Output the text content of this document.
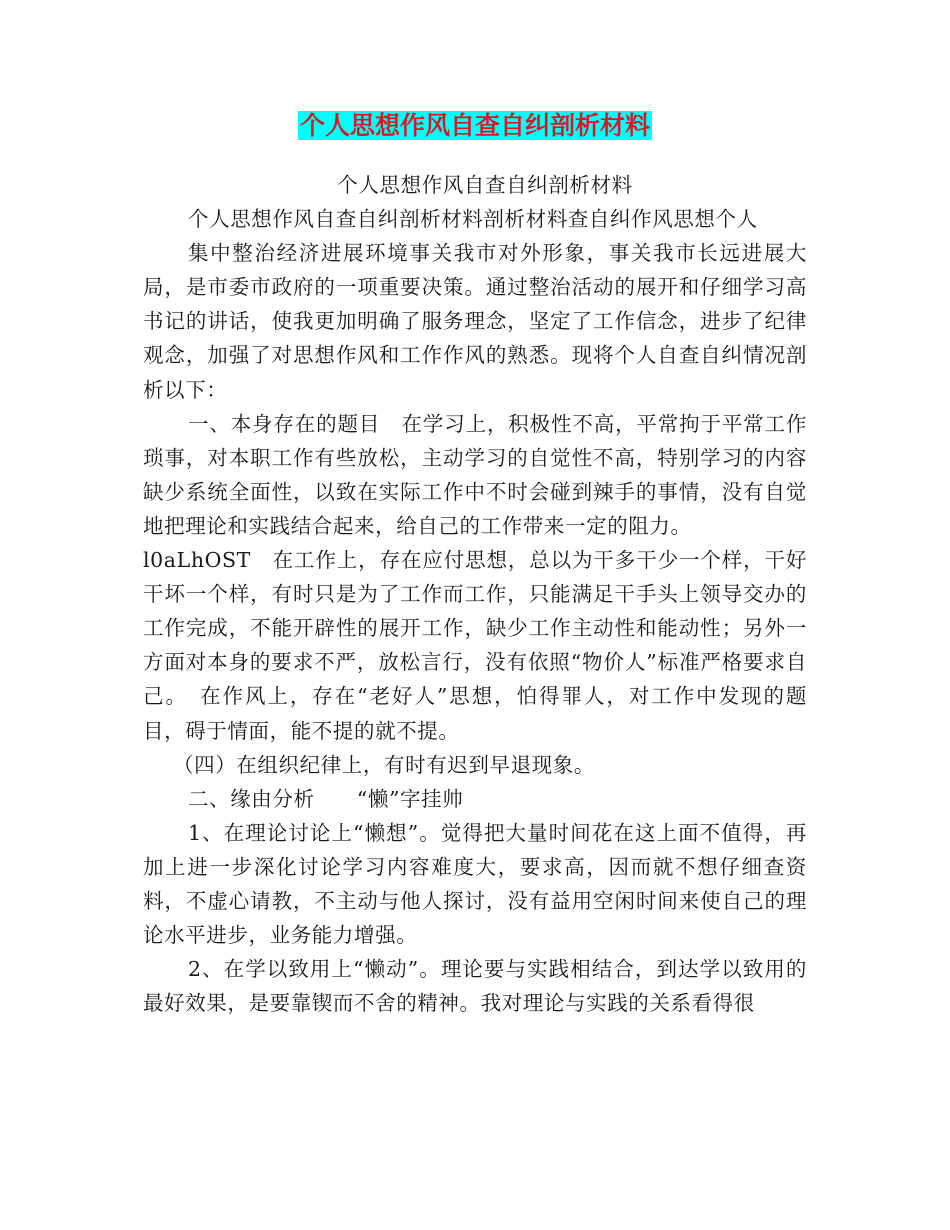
个人思想作风自查自纠剖析材料

个人思想作风自查自纠剖析材料

个人思想作风自查自纠剖析材料剖析材料查自纠作风思想个人

集中整治经济进展环境事关我市对外形象，事关我市长远进展大局，是市委市政府的一项重要决策。通过整治活动的展开和仔细学习高书记的讲话，使我更加明确了服务理念，坚定了工作信念，进步了纪律观念，加强了对思想作风和工作作风的熟悉。现将个人自查自纠情况剖析以下：

一、本身存在的题目　在学习上，积极性不高，平常拘于平常工作琐事，对本职工作有些放松，主动学习的自觉性不高，特别学习的内容缺少系统全面性，以致在实际工作中不时会碰到辣手的事情，没有自觉地把理论和实践结合起来，给自己的工作带来一定的阻力。

l0aLhOST　在工作上，存在应付思想，总以为干多干少一个样，干好干坏一个样，有时只是为了工作而工作，只能满足干手头上领导交办的工作完成，不能开辟性的展开工作，缺少工作主动性和能动性；另外一方面对本身的要求不严，放松言行，没有依照“物价人”标准严格要求自己。　在作风上，存在“老好人”思想，怕得罪人，对工作中发现的题目，碍于情面，能不提的就不提。

（四）在组织纪律上，有时有迟到早退现象。

二、缘由分析　　“懒”字挂帅

1、在理论讨论上“懒想”。觉得把大量时间花在这上面不值得，再加上进一步深化讨论学习内容难度大，要求高，因而就不想仔细查资料，不虚心请教，不主动与他人探讨，没有益用空闲时间来使自己的理论水平进步，业务能力增强。

2、在学以致用上“懒动”。理论要与实践相结合，到达学以致用的最好效果，是要靠锲而不舍的精神。我对理论与实践的关系看得很
